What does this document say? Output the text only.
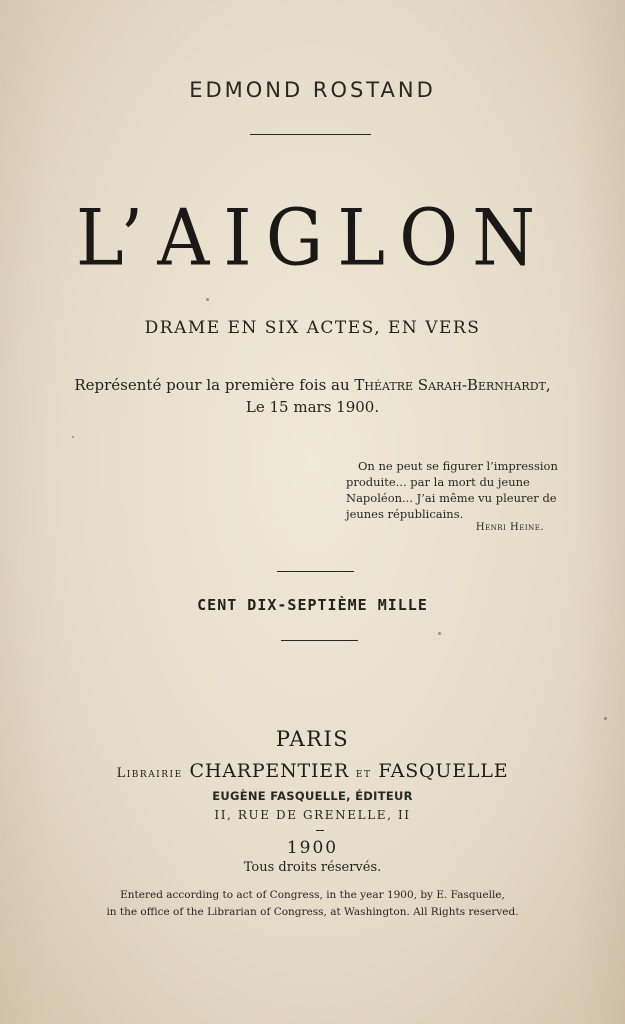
EDMOND ROSTAND
L’AIGLON
DRAME EN SIX ACTES, EN VERS
Représenté pour la première fois au Théatre Sarah-Bernhardt,
Le 15 mars 1900.
On ne peut se figurer l’impression
produite... par la mort du jeune
Napoléon... J’ai même vu pleurer de
jeunes républicains.
Henri Heine.
CENT DIX-SEPTIÈME MILLE
PARIS
Librairie CHARPENTIER et FASQUELLE
EUGÈNE FASQUELLE, ÉDITEUR
II, RUE DE GRENELLE, II
1900
Tous droits réservés.
Entered according to act of Congress, in the year 1900, by E. Fasquelle,
in the office of the Librarian of Congress, at Washington. All Rights reserved.
